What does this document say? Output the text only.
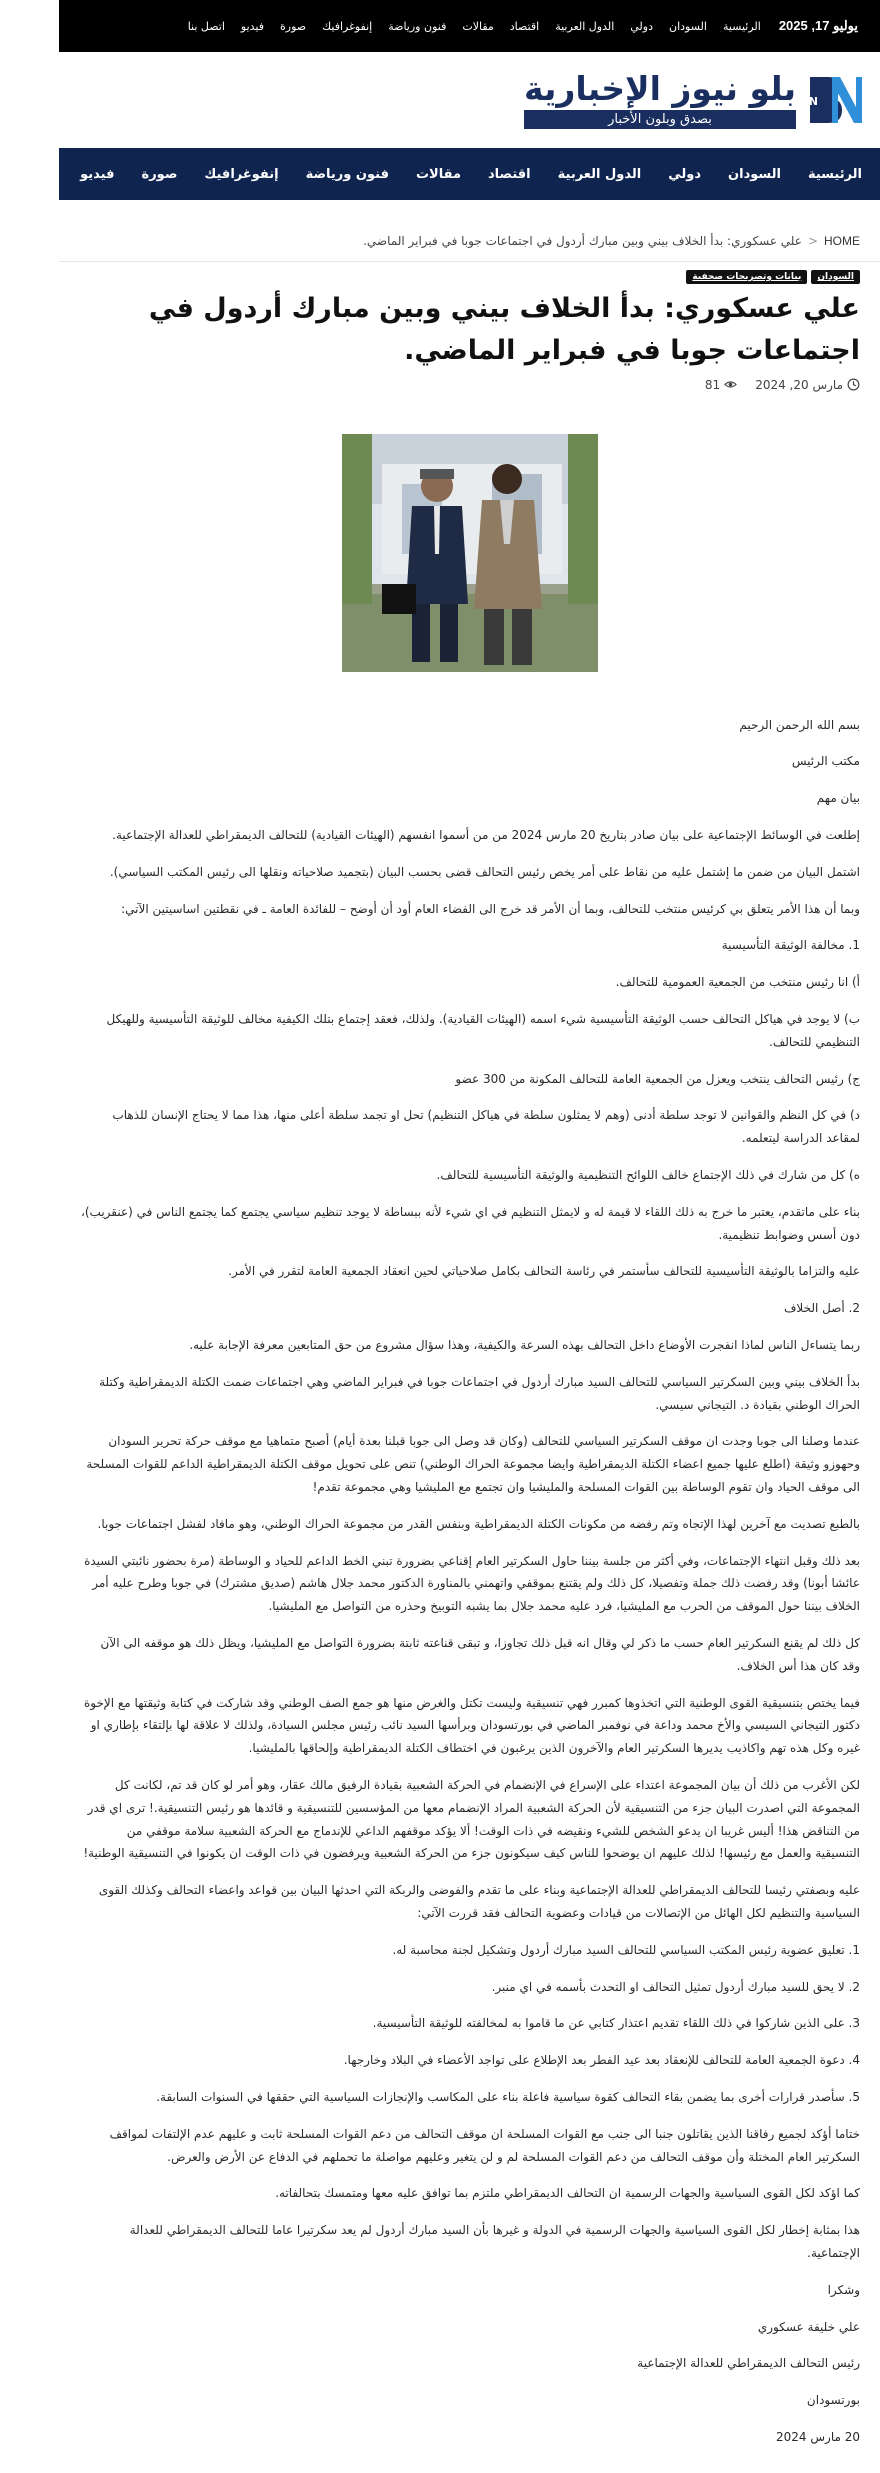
يوليو 17, 2025
الرئيسية
السودان
دولي
الدول العربية
اقتصاد
مقالات
فنون ورياضة
إنفوغرافيك
صورة
فيديو
اتصل بنا
BN
بلو نيوز الإخبارية
بصدق وبلون الأخبار
الرئيسية
السودان
دولي
الدول العربية
اقتصاد
مقالات
فنون ورياضة
إنفوغرافيك
صورة
فيديو
اتصل بنا
HOME
<
علي عسكوري: بدأ الخلاف بيني وبين مبارك أردول في اجتماعات جوبا في فبراير الماضي.
السودان
بيانات وتصريحات صحفية
علي عسكوري: بدأ الخلاف بيني وبين مبارك أردول في اجتماعات جوبا في فبراير الماضي.
مارس 20, 2024
81

بسم الله الرحمن الرحيم

مكتب الرئيس

بيان مهم

إطلعت في الوسائط الإجتماعية على بيان صادر بتاريخ 20 مارس 2024 من من أسموا انفسهم (الهيئات القيادية) للتحالف الديمقراطي للعدالة الإجتماعية.

اشتمل البيان من ضمن ما إشتمل عليه من نقاط على أمر يخص رئيس التحالف قضى بحسب البيان (بتجميد صلاحياته ونقلها الى رئيس المكتب السياسي).

وبما أن هذا الأمر يتعلق بي كرئيس منتخب للتحالف، وبما أن الأمر قد خرج الى الفضاء العام أود أن أوضح – للفائدة العامة ـ في نقطتين اساسيتين الآتي:

1. مخالفة الوثيقة التأسيسية

أ) انا رئيس منتخب من الجمعية العمومية للتحالف.

ب) لا يوجد في هياكل التحالف حسب الوثيقة التأسيسية شيء اسمه (الهيئات القيادية). ولذلك، فعقد إجتماع بتلك الكيفية مخالف للوثيقة التأسيسية وللهيكل التنظيمي للتحالف.

ج) رئيس التحالف ينتخب ويعزل من الجمعية العامة للتحالف المكونة من 300 عضو

د) في كل النظم والقوانين لا توجد سلطة أدنى (وهم لا يمثلون سلطة في هياكل التنظيم) تحل او تجمد سلطة أعلى منها، هذا مما لا يحتاج الإنسان للذهاب لمقاعد الدراسة ليتعلمه.

ه) كل من شارك في ذلك الإجتماع خالف اللوائح التنظيمية والوثيقة التأسيسية للتحالف.

بناء على ماتقدم، يعتبر ما خرج به ذلك اللقاء لا قيمة له و لايمثل التنظيم في اي شيء لأنه ببساطة لا يوجد تنظيم سياسي يجتمع كما يجتمع الناس في (عنقريب)، دون أسس وضوابط تنظيمية.

عليه والتزاما بالوثيقة التأسيسية للتحالف سأستمر في رئاسة التحالف بكامل صلاحياتي لحين انعقاد الجمعية العامة لتقرر في الأمر.

2. أصل الخلاف

ربما يتساءل الناس لماذا انفجرت الأوضاع داخل التحالف بهذه السرعة والكيفية، وهذا سؤال مشروع من حق المتابعين معرفة الإجابة عليه.

بدأ الخلاف بيني وبين السكرتير السياسي للتحالف السيد مبارك أردول في اجتماعات جوبا في فبراير الماضي وهي اجتماعات ضمت الكتلة الديمقراطية وكتلة الحراك الوطني بقيادة د. التيجاني سيسي.

عندما وصلنا الى جوبا وجدت ان موقف السكرتير السياسي للتحالف (وكان قد وصل الى جوبا قبلنا بعدة أيام) أصبح متماهيا مع موقف حركة تحرير السودان وحهوزو وثيقة (اطلع عليها جميع اعضاء الكتلة الديمقراطية وايضا مجموعة الحراك الوطني) تنص على تحويل موقف الكتلة الديمقراطية الداعم للقوات المسلحة الى موقف الحياد وان تقوم الوساطة بين القوات المسلحة والمليشيا وان تجتمع مع المليشيا وهي مجموعة تقدم!

بالطبع تصديت مع آخرين لهذا الإتجاه وتم رفضه من مكونات الكتلة الديمقراطية وبنفس القدر من مجموعة الحراك الوطني، وهو مافاد لفشل اجتماعات جوبا.

بعد ذلك وقبل انتهاء الإجتماعات، وفي أكثر من جلسة بيننا حاول السكرتير العام إقناعي بضرورة تبني الخط الداعم للحياد و الوساطة (مرة بحضور نائبتي السيدة عائشا أبونا) وقد رفضت ذلك جملة وتفصيلا، كل ذلك ولم يقتنع بموقفي واتهمني بالمناورة الدكتور محمد جلال هاشم (صديق مشترك) في جوبا وطرح عليه أمر الخلاف بيننا حول الموقف من الحرب مع المليشيا، فرد عليه محمد جلال بما يشبه التوبيخ وحذره من التواصل مع المليشيا.

كل ذلك لم يقنع السكرتير العام حسب ما ذكر لي وقال انه قبل ذلك تجاوزا، و تبقى قناعته ثابتة بضرورة التواصل مع المليشيا، ويظل ذلك هو موقفه الى الآن وقد كان هذا أس الخلاف.

فيما يختص بتنسيقية القوى الوطنية التي اتخذوها كمبرر فهي تنسيقية وليست تكتل والغرض منها هو جمع الصف الوطني وقد شاركت في كتابة وثيقتها مع الإخوة دكتور التيجاني السيسي والأخ محمد وداعة في نوفمبر الماضي في بورتسودان وبرأسها السيد نائب رئيس مجلس السيادة، ولذلك لا علاقة لها بإلتقاء بإطاري او غيره وكل هذه تهم واكاذيب يديرها السكرتير العام والآخرون الذين يرغبون في اختطاف الكتلة الديمقراطية وإلحاقها بالمليشيا.

لكن الأغرب من ذلك أن بيان المجموعة اعتداء على الإسراع في الإنضمام في الحركة الشعبية بقيادة الرفيق مالك عقار، وهو أمر لو كان قد تم، لكانت كل المجموعة التي اصدرت البيان جزء من التنسيقية لأن الحركة الشعبية المراد الإنضمام معها من المؤسسين للتنسيقية و قائدها هو رئيس التنسيقية.! ترى اي قدر من التناقض هذا! أليس غريبا ان يدعو الشخص للشيء ونقيضه في ذات الوقت! ألا يؤكد موقفهم الداعي للإندماج مع الحركة الشعبية سلامة موقفي من التنسيقية والعمل مع رئيسها! لذلك عليهم ان يوضحوا للناس كيف سيكونون جزء من الحركة الشعبية ويرفضون في ذات الوقت ان يكونوا في التنسيقية الوطنية!

عليه وبصفتي رئيسا للتحالف الديمقراطي للعدالة الإجتماعية وبناء على ما تقدم والفوضى والربكة التي احدثها البيان بين قواعد واعضاء التحالف وكذلك القوى السياسية والتنظيم لكل الهائل من الإتصالات من قيادات وعضوية التحالف فقد قررت الآتي:

1. تعليق عضوية رئيس المكتب السياسي للتحالف السيد مبارك أردول وتشكيل لجنة محاسبة له.

2. لا يحق للسيد مبارك أردول تمثيل التحالف او التحدث بأسمه في اي منبر.

3. على الذين شاركوا في ذلك اللقاء تقديم اعتذار كتابي عن ما قاموا به لمخالفته للوثيقة التأسيسية.

4. دعوة الجمعية العامة للتحالف للإنعقاد بعد عيد الفطر بعد الإطلاع على تواجد الأعضاء في البلاد وخارجها.

5. سأصدر قرارات أخرى بما يضمن بقاء التحالف كقوة سياسية فاعلة بناء على المكاسب والإنجازات السياسية التي حققها في السنوات السابقة.

ختاما أؤكد لجميع رفاقنا الذين يقاتلون جنبا الى جنب مع القوات المسلحة ان موقف التحالف من دعم القوات المسلحة ثابت و عليهم عدم الإلتفات لمواقف السكرتير العام المختلة وأن موقف التحالف من دعم القوات المسلحة لم و لن يتغير وعليهم مواصلة ما تحملهم في الدفاع عن الأرض والعرض.

كما اؤكد لكل القوى السياسية والجهات الرسمية ان التحالف الديمقراطي ملتزم بما توافق عليه معها ومتمسك بتحالفاته.

هذا بمثابة إخطار لكل القوى السياسية والجهات الرسمية في الدولة و غيرها بأن السيد مبارك أردول لم يعد سكرتيرا عاما للتحالف الديمقراطي للعدالة الإجتماعية.

وشكرا

علي خليفة عسكوري

رئيس التحالف الديمقراطي للعدالة الإجتماعية

بورتسودان

20 مارس 2024
